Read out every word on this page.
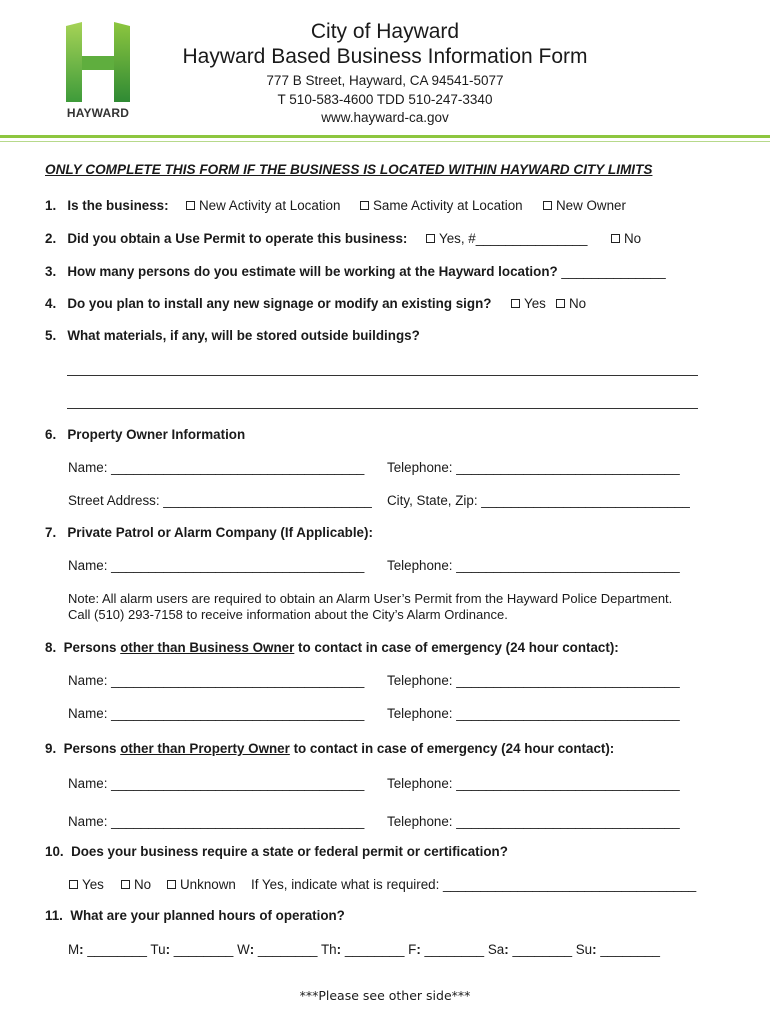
HAYWARD
City of Hayward
Hayward Based Business Information Form
777 B Street, Hayward, CA 94541-5077
T 510-583-4600 TDD 510-247-3340
www.hayward-ca.gov
ONLY COMPLETE THIS FORM IF THE BUSINESS IS LOCATED WITHIN HAYWARD CITY LIMITS
1. Is the business:	New Activity at Location	Same Activity at Location	New Owner
2. Did you obtain a Use Permit to operate this business:	Yes, #_______________	No
3. How many persons do you estimate will be working at the Hayward location? ______________
4. Do you plan to install any new signage or modify an existing sign?	Yes	No
5. What materials, if any, will be stored outside buildings?
6. Property Owner Information
Name: __________________________________ Telephone: ______________________________
Street Address: ____________________________ City, State, Zip: ____________________________
7. Private Patrol or Alarm Company (If Applicable):
Name: __________________________________ Telephone: ______________________________
Note: All alarm users are required to obtain an Alarm User’s Permit from the Hayward Police Department.
Call (510) 293-7158 to receive information about the City’s Alarm Ordinance.
8. Persons other than Business Owner to contact in case of emergency (24 hour contact):
Name: __________________________________ Telephone: ______________________________
Name: __________________________________ Telephone: ______________________________
9. Persons other than Property Owner to contact in case of emergency (24 hour contact):
Name: __________________________________ Telephone: ______________________________
Name: __________________________________ Telephone: ______________________________
10. Does your business require a state or federal permit or certification?
Yes	No	Unknown If Yes, indicate what is required: __________________________________
11. What are your planned hours of operation?
M: ________ Tu: ________ W: ________ Th: ________ F: ________ Sa: ________ Su: ________
***Please see other side***
